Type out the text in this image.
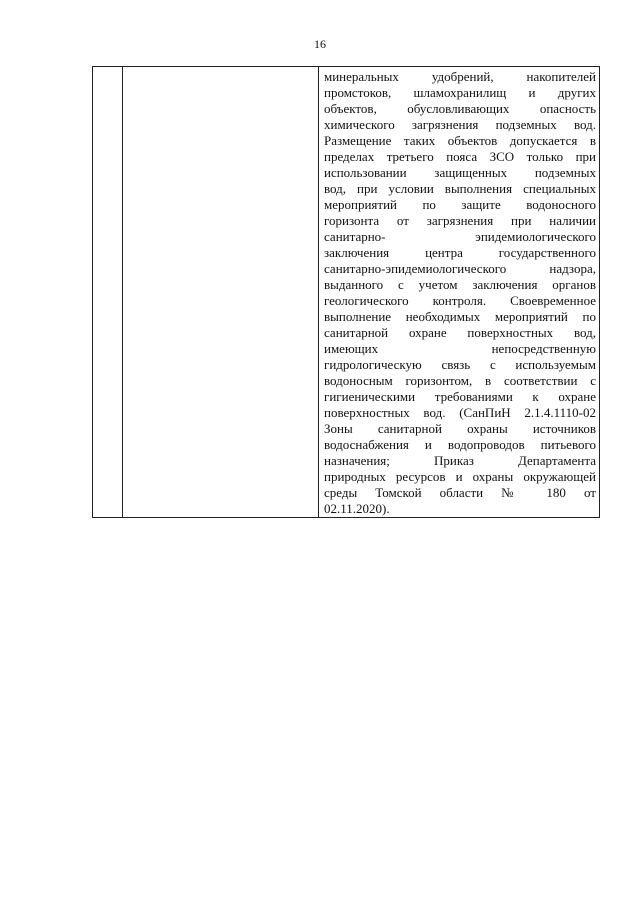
16

минеральных удобрений, накопителей
промстоков, шламохранилищ и других
объектов, обусловливающих опасность
химического загрязнения подземных вод.
Размещение таких объектов допускается в
пределах третьего пояса ЗСО только при
использовании защищенных подземных
вод, при условии выполнения специальных
мероприятий по защите водоносного
горизонта от загрязнения при наличии
санитарно- эпидемиологического
заключения центра государственного
санитарно-эпидемиологического надзора,
выданного с учетом заключения органов
геологического контроля. Своевременное
выполнение необходимых мероприятий по
санитарной охране поверхностных вод,
имеющих непосредственную
гидрологическую связь с используемым
водоносным горизонтом, в соответствии с
гигиеническими требованиями к охране
поверхностных вод. (СанПиН 2.1.4.1110-02
Зоны санитарной охраны источников
водоснабжения и водопроводов питьевого
назначения; Приказ Департамента
природных ресурсов и охраны окружающей
среды Томской области № 180 от
02.11.2020).
